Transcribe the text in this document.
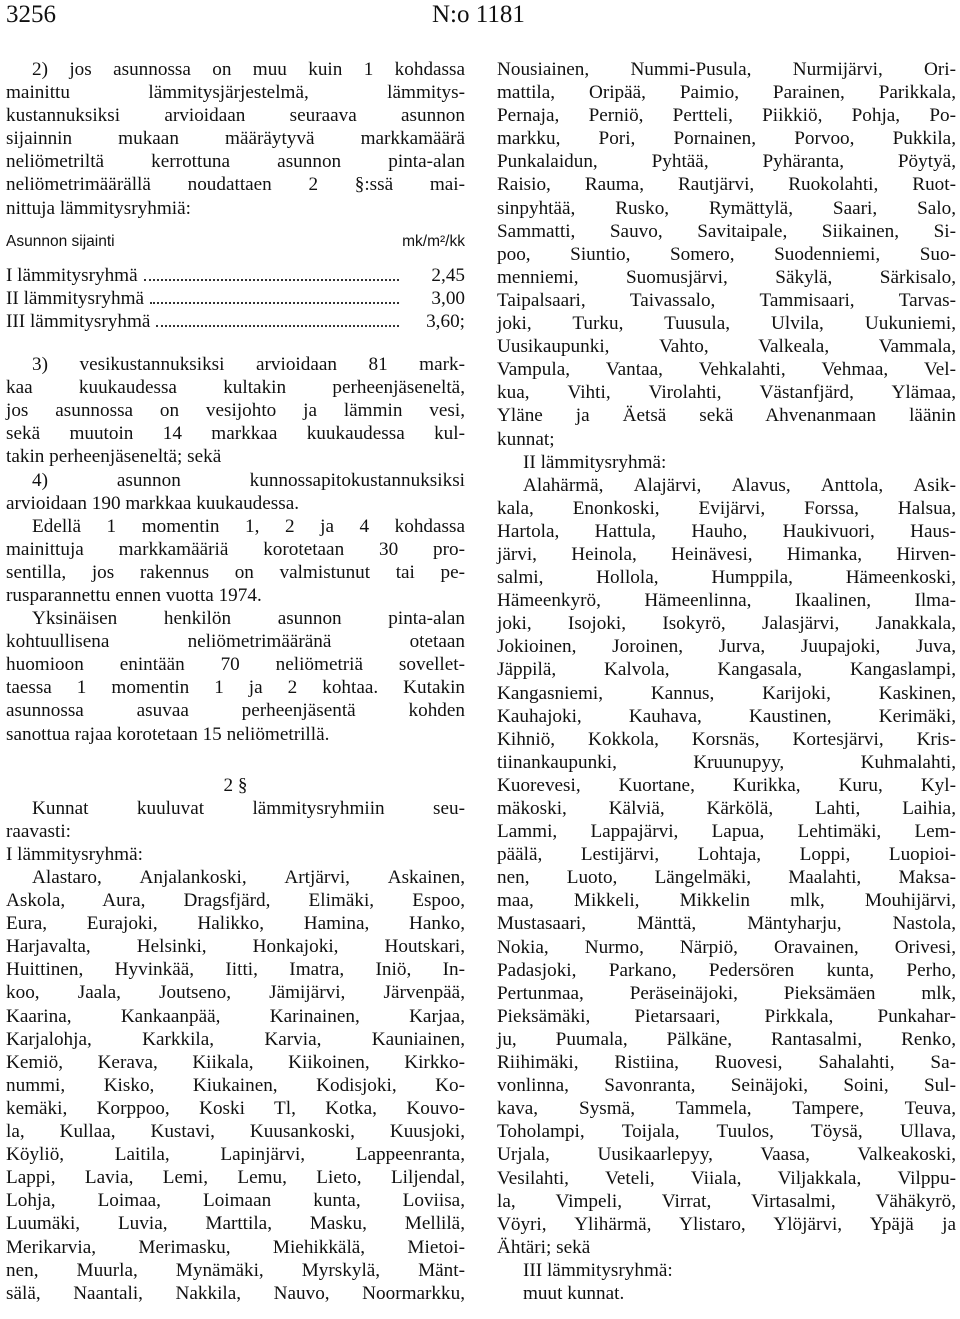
3256	N:o 1181
2) jos asunnossa on muu kuin 1 kohdassa
mainittu lämmitysjärjestelmä, lämmitys-
kustannuksiksi arvioidaan seuraava asunnon
sijainnin mukaan määräytyvä markkamäärä
neliömetriltä kerrottuna asunnon pinta-alan
neliömetrimäärällä noudattaen 2 §:ssä mai-
nittuja lämmitysryhmiä:
Asunnon sijainti	mk/m²/kk
I lämmitysryhmä	2,45
II lämmitysryhmä	3,00
III lämmitysryhmä	3,60;
3) vesikustannuksiksi arvioidaan 81 mark-
kaa kuukaudessa kultakin perheenjäseneltä,
jos asunnossa on vesijohto ja lämmin vesi,
sekä muutoin 14 markkaa kuukaudessa kul-
takin perheenjäseneltä; sekä
4) asunnon kunnossapitokustannuksiksi
arvioidaan 190 markkaa kuukaudessa.
Edellä 1 momentin 1, 2 ja 4 kohdassa
mainittuja markkamääriä korotetaan 30 pro-
sentilla, jos rakennus on valmistunut tai pe-
rusparannettu ennen vuotta 1974.
Yksinäisen henkilön asunnon pinta-alan
kohtuullisena neliömetrimääränä otetaan
huomioon enintään 70 neliömetriä sovellet-
taessa 1 momentin 1 ja 2 kohtaa. Kutakin
asunnossa asuvaa perheenjäsentä kohden
sanottua rajaa korotetaan 15 neliömetrillä.
2 §
Kunnat kuuluvat lämmitysryhmiin seu-
raavasti:
I lämmitysryhmä:
Alastaro, Anjalankoski, Artjärvi, Askainen,
Askola, Aura, Dragsfjärd, Elimäki, Espoo,
Eura, Eurajoki, Halikko, Hamina, Hanko,
Harjavalta, Helsinki, Honkajoki, Houtskari,
Huittinen, Hyvinkää, Iitti, Imatra, Iniö, In-
koo, Jaala, Joutseno, Jämijärvi, Järvenpää,
Kaarina, Kankaanpää, Karinainen, Karjaa,
Karjalohja, Karkkila, Karvia, Kauniainen,
Kemiö, Kerava, Kiikala, Kiikoinen, Kirkko-
nummi, Kisko, Kiukainen, Kodisjoki, Ko-
kemäki, Korppoo, Koski Tl, Kotka, Kouvo-
la, Kullaa, Kustavi, Kuusankoski, Kuusjoki,
Köyliö, Laitila, Lapinjärvi, Lappeenranta,
Lappi, Lavia, Lemi, Lemu, Lieto, Liljendal,
Lohja, Loimaa, Loimaan kunta, Loviisa,
Luumäki, Luvia, Marttila, Masku, Mellilä,
Merikarvia, Merimasku, Miehikkälä, Mietoi-
nen, Muurla, Mynämäki, Myrskylä, Mänt-
sälä, Naantali, Nakkila, Nauvo, Noormarkku,
Nousiainen, Nummi-Pusula, Nurmijärvi, Ori-
mattila, Oripää, Paimio, Parainen, Parikkala,
Pernaja, Perniö, Pertteli, Piikkiö, Pohja, Po-
markku, Pori, Pornainen, Porvoo, Pukkila,
Punkalaidun, Pyhtää, Pyhäranta, Pöytyä,
Raisio, Rauma, Rautjärvi, Ruokolahti, Ruot-
sinpyhtää, Rusko, Rymättylä, Saari, Salo,
Sammatti, Sauvo, Savitaipale, Siikainen, Si-
poo, Siuntio, Somero, Suodenniemi, Suo-
menniemi, Suomusjärvi, Säkylä, Särkisalo,
Taipalsaari, Taivassalo, Tammisaari, Tarvas-
joki, Turku, Tuusula, Ulvila, Uukuniemi,
Uusikaupunki, Vahto, Valkeala, Vammala,
Vampula, Vantaa, Vehkalahti, Vehmaa, Vel-
kua, Vihti, Virolahti, Västanfjärd, Ylämaa,
Yläne ja Äetsä sekä Ahvenanmaan läänin
kunnat;
II lämmitysryhmä:
Alahärmä, Alajärvi, Alavus, Anttola, Asik-
kala, Enonkoski, Evijärvi, Forssa, Halsua,
Hartola, Hattula, Hauho, Haukivuori, Haus-
järvi, Heinola, Heinävesi, Himanka, Hirven-
salmi, Hollola, Humppila, Hämeenkoski,
Hämeenkyrö, Hämeenlinna, Ikaalinen, Ilma-
joki, Isojoki, Isokyrö, Jalasjärvi, Janakkala,
Jokioinen, Joroinen, Jurva, Juupajoki, Juva,
Jäppilä, Kalvola, Kangasala, Kangaslampi,
Kangasniemi, Kannus, Karijoki, Kaskinen,
Kauhajoki, Kauhava, Kaustinen, Kerimäki,
Kihniö, Kokkola, Korsnäs, Kortesjärvi, Kris-
tiinankaupunki, Kruunupyy, Kuhmalahti,
Kuorevesi, Kuortane, Kurikka, Kuru, Kyl-
mäkoski, Kälviä, Kärkölä, Lahti, Laihia,
Lammi, Lappajärvi, Lapua, Lehtimäki, Lem-
päälä, Lestijärvi, Lohtaja, Loppi, Luopioi-
nen, Luoto, Längelmäki, Maalahti, Maksa-
maa, Mikkeli, Mikkelin mlk, Mouhijärvi,
Mustasaari, Mänttä, Mäntyharju, Nastola,
Nokia, Nurmo, Närpiö, Oravainen, Orivesi,
Padasjoki, Parkano, Pedersören kunta, Perho,
Pertunmaa, Peräseinäjoki, Pieksämäen mlk,
Pieksämäki, Pietarsaari, Pirkkala, Punkahar-
ju, Puumala, Pälkäne, Rantasalmi, Renko,
Riihimäki, Ristiina, Ruovesi, Sahalahti, Sa-
vonlinna, Savonranta, Seinäjoki, Soini, Sul-
kava, Sysmä, Tammela, Tampere, Teuva,
Toholampi, Toijala, Tuulos, Töysä, Ullava,
Urjala, Uusikaarlepyy, Vaasa, Valkeakoski,
Vesilahti, Veteli, Viiala, Viljakkala, Vilppu-
la, Vimpeli, Virrat, Virtasalmi, Vähäkyrö,
Vöyri, Ylihärmä, Ylistaro, Ylöjärvi, Ypäjä ja
Ähtäri; sekä
III lämmitysryhmä:
muut kunnat.
